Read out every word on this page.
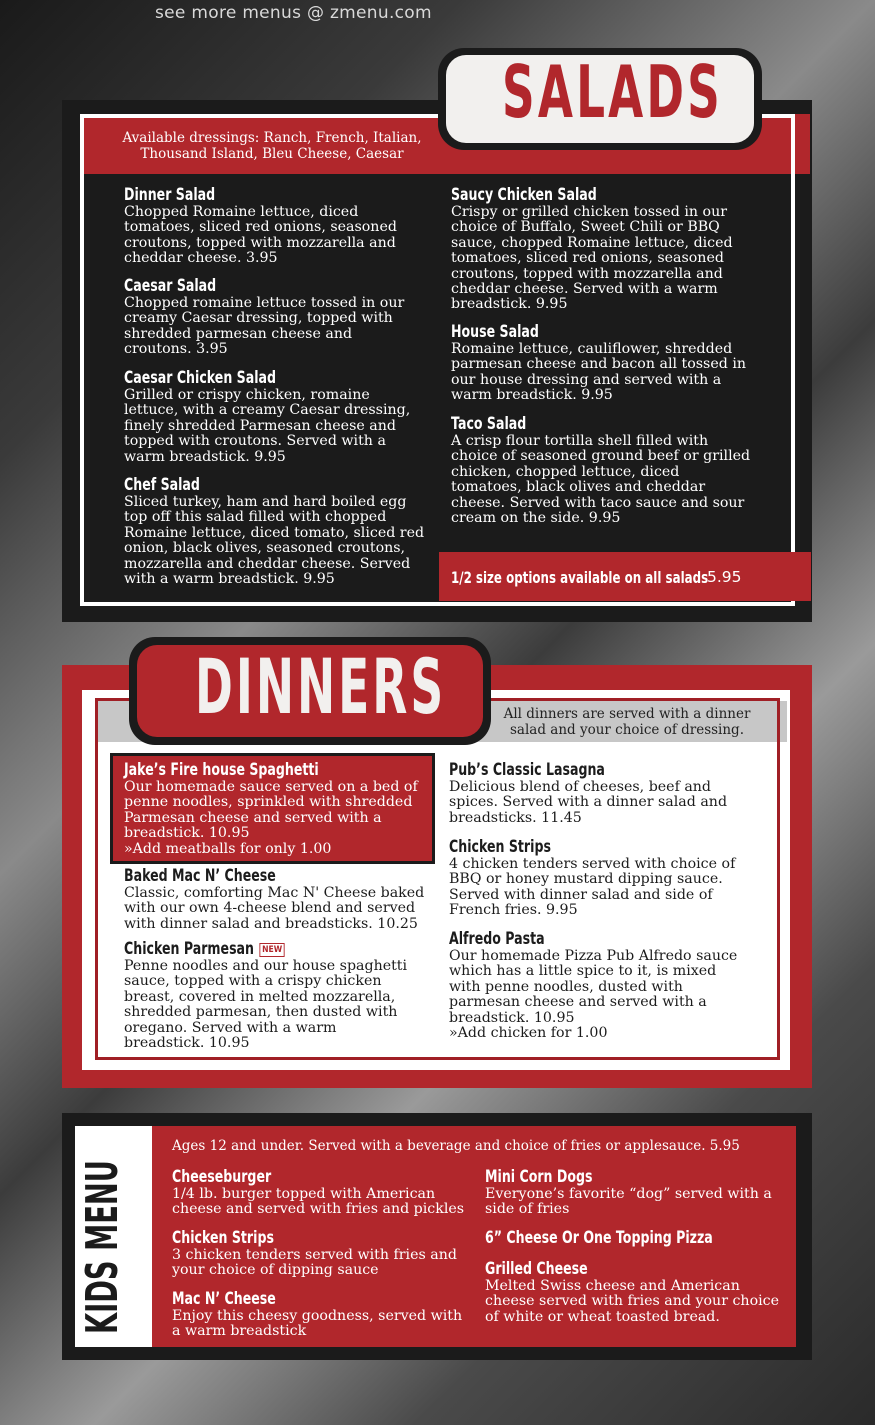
see more menus @ zmenu.com
Available dressings: Ranch, French, Italian,
Thousand Island, Bleu Cheese, Caesar
Dinner Salad
Chopped Romaine lettuce, diced
tomatoes, sliced red onions, seasoned
croutons, topped with mozzarella and
cheddar cheese. 3.95
Caesar Salad
Chopped romaine lettuce tossed in our
creamy Caesar dressing, topped with
shredded parmesan cheese and
croutons. 3.95
Caesar Chicken Salad
Grilled or crispy chicken, romaine
lettuce, with a creamy Caesar dressing,
finely shredded Parmesan cheese and
topped with croutons. Served with a
warm breadstick. 9.95
Chef Salad
Sliced turkey, ham and hard boiled egg
top off this salad filled with chopped
Romaine lettuce, diced tomato, sliced red
onion, black olives, seasoned croutons,
mozzarella and cheddar cheese. Served
with a warm breadstick. 9.95
Saucy Chicken Salad
Crispy or grilled chicken tossed in our
choice of Buffalo, Sweet Chili or BBQ
sauce, chopped Romaine lettuce, diced
tomatoes, sliced red onions, seasoned
croutons, topped with mozzarella and
cheddar cheese. Served with a warm
breadstick. 9.95
House Salad
Romaine lettuce, cauliflower, shredded
parmesan cheese and bacon all tossed in
our house dressing and served with a
warm breadstick. 9.95
Taco Salad
A crisp flour tortilla shell filled with
choice of seasoned ground beef or grilled
chicken, chopped lettuce, diced
tomatoes, black olives and cheddar
cheese. Served with taco sauce and sour
cream on the side. 9.95
1/2 size options available on all salads
5.95
SALADS
All dinners are served with a dinner
salad and your choice of dressing.
Jake’s Fire house Spaghetti
Our homemade sauce served on a bed of
penne noodles, sprinkled with shredded
Parmesan cheese and served with a
breadstick. 10.95
»Add meatballs for only 1.00
Baked Mac N’ Cheese
Classic, comforting Mac N' Cheese baked
with our own 4-cheese blend and served
with dinner salad and breadsticks. 10.25
Chicken Parmesan NEW
Penne noodles and our house spaghetti
sauce, topped with a crispy chicken
breast, covered in melted mozzarella,
shredded parmesan, then dusted with
oregano. Served with a warm
breadstick. 10.95
Pub’s Classic Lasagna
Delicious blend of cheeses, beef and
spices. Served with a dinner salad and
breadsticks. 11.45
Chicken Strips
4 chicken tenders served with choice of
BBQ or honey mustard dipping sauce.
Served with dinner salad and side of
French fries. 9.95
Alfredo Pasta
Our homemade Pizza Pub Alfredo sauce
which has a little spice to it, is mixed
with penne noodles, dusted with
parmesan cheese and served with a
breadstick. 10.95
»Add chicken for 1.00
DINNERS
KIDS MENU
Ages 12 and under. Served with a beverage and choice of fries or applesauce. 5.95
Cheeseburger
1/4 lb. burger topped with American
cheese and served with fries and pickles
Chicken Strips
3 chicken tenders served with fries and
your choice of dipping sauce
Mac N’ Cheese
Enjoy this cheesy goodness, served with
a warm breadstick
Mini Corn Dogs
Everyone’s favorite “dog” served with a
side of fries
6” Cheese Or One Topping Pizza
Grilled Cheese
Melted Swiss cheese and American
cheese served with fries and your choice
of white or wheat toasted bread.
